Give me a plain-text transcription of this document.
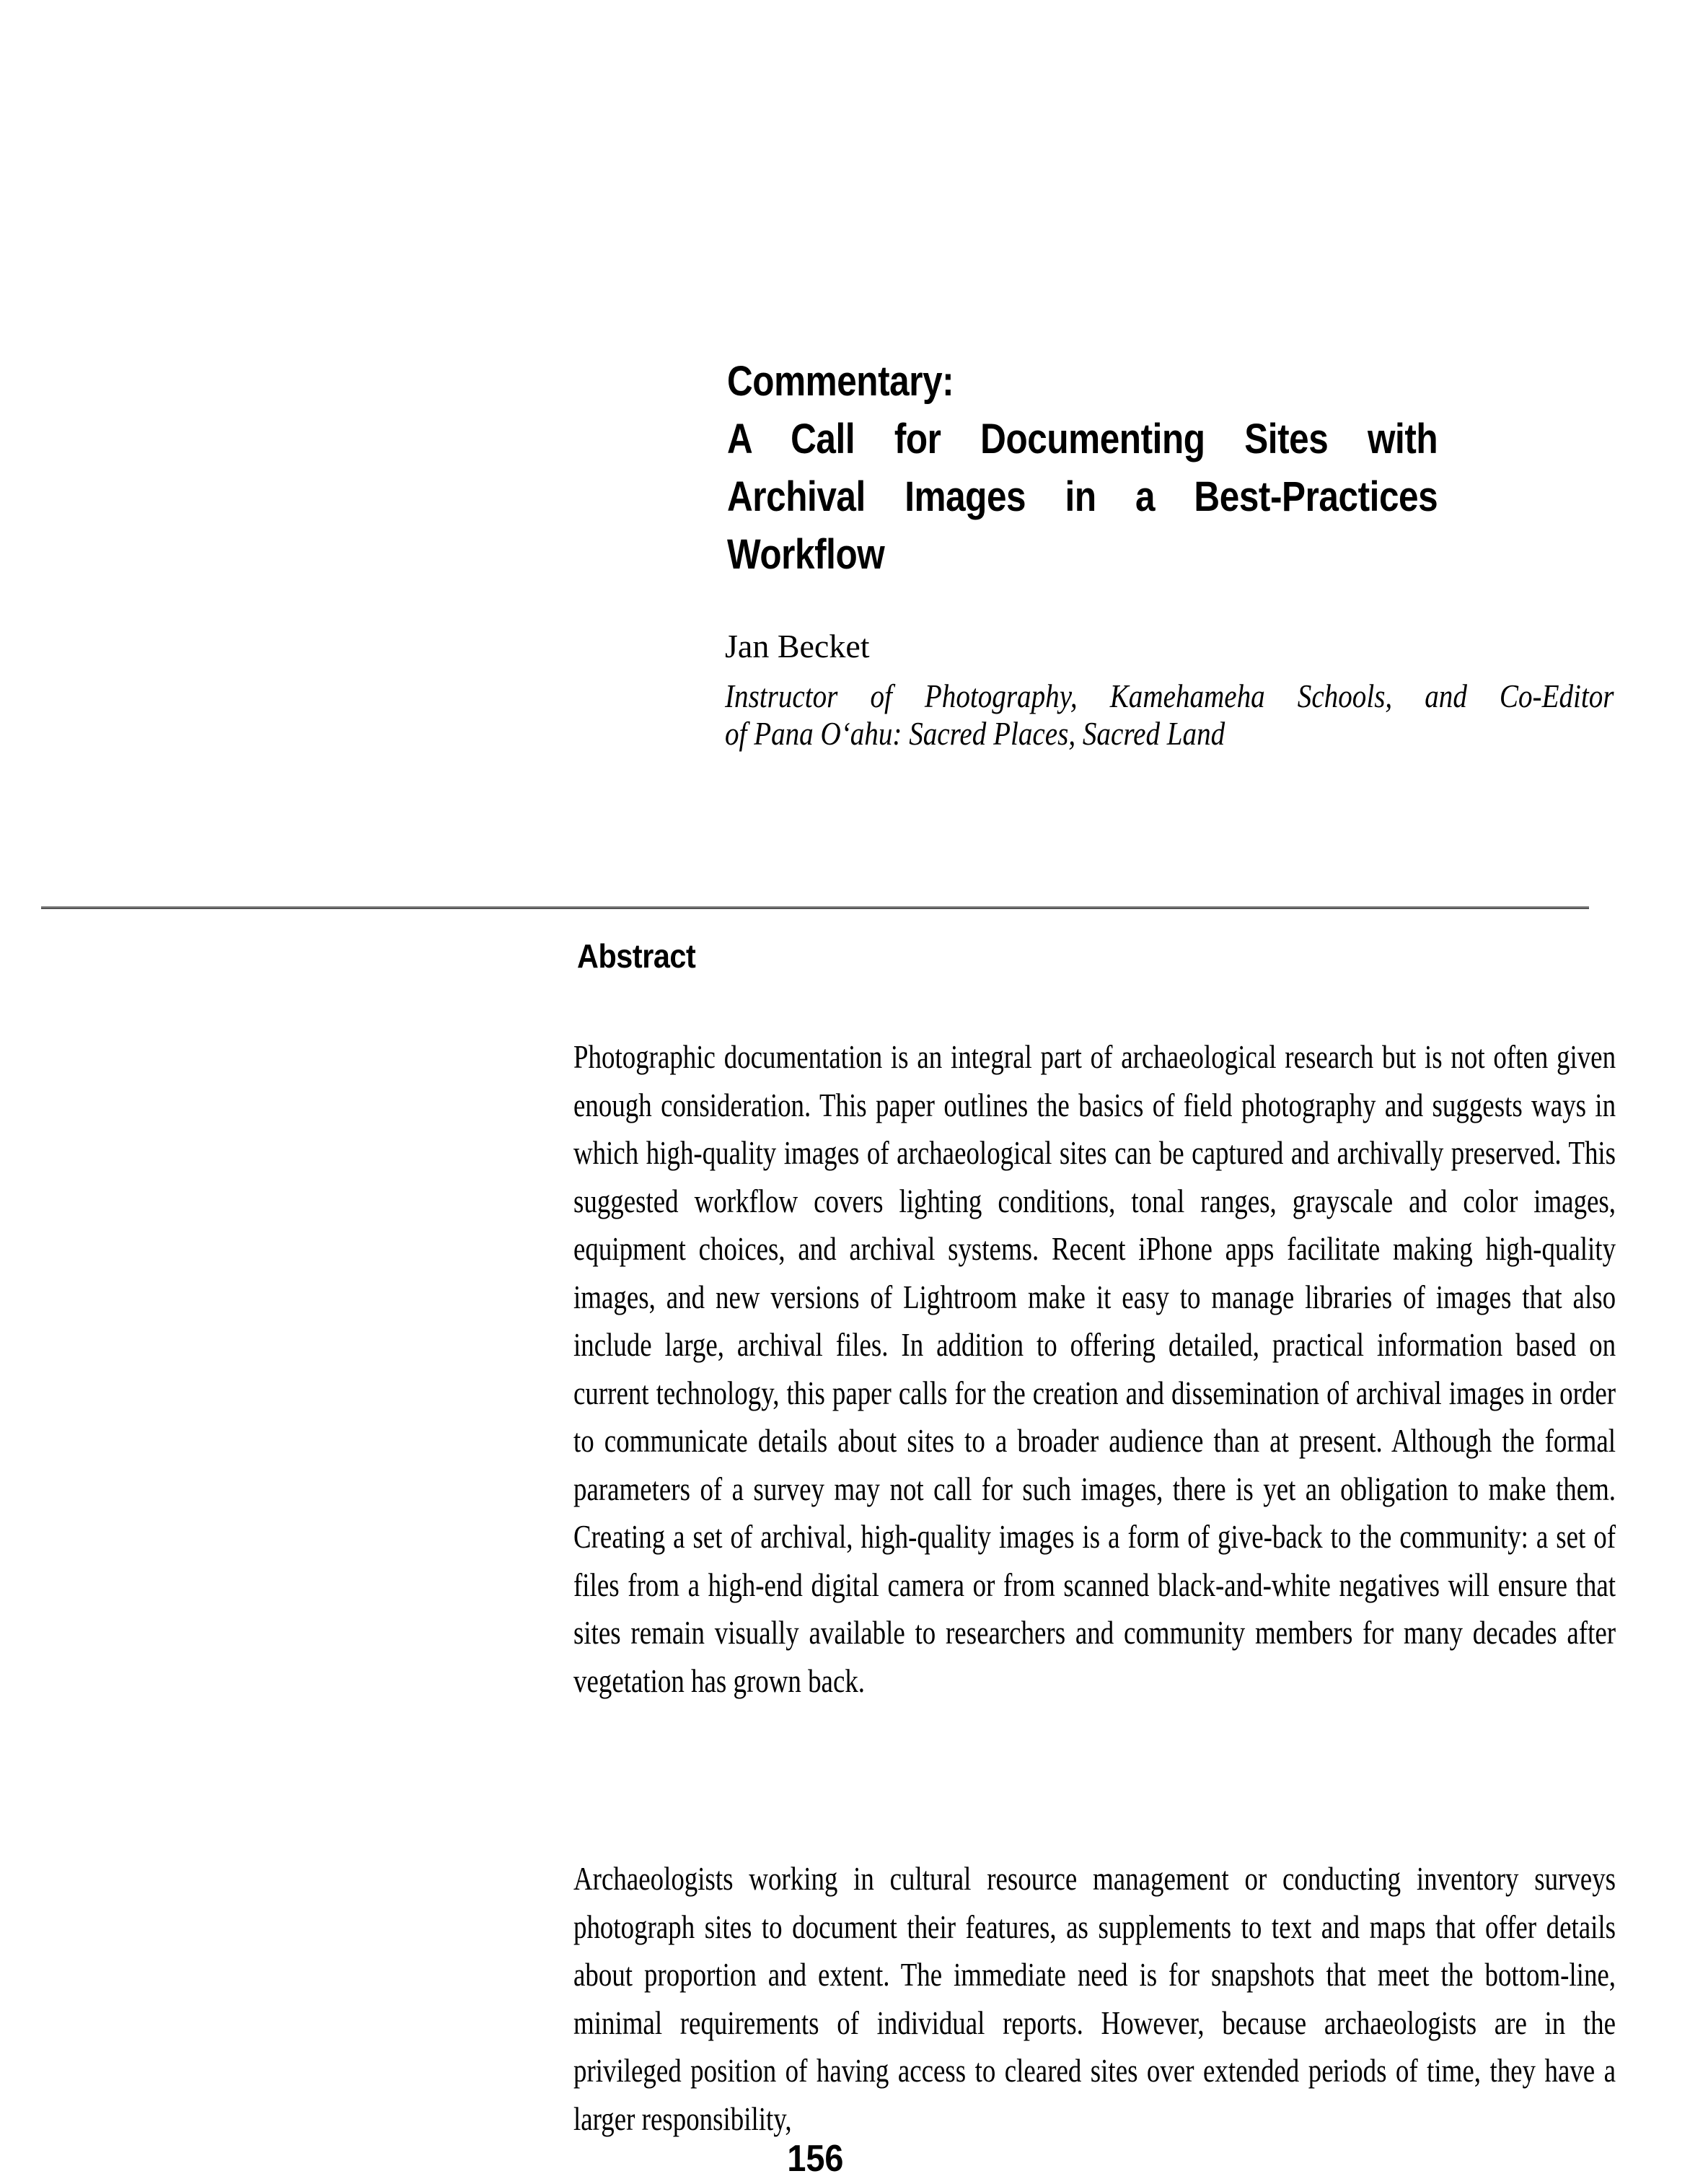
Commentary:
A Call for Documenting Sites with
Archival Images in a Best-Practices
Workflow
Jan Becket
Instructor of Photography, Kamehameha Schools, and Co-Editor
of Pana Oʻahu: Sacred Places, Sacred Land
Abstract

Photographic documentation is an integral part of archaeological research but is not often given enough consideration. This paper outlines the basics of field photography and suggests ways in which high-quality images of archaeological sites can be captured and archivally preserved. This suggested workflow covers lighting conditions, tonal ranges, grayscale and color images, equipment choices, and archival systems. Recent iPhone apps facilitate making high-quality images, and new versions of Lightroom make it easy to manage libraries of images that also include large, archival files. In addition to offering detailed, practical information based on current technology, this paper calls for the creation and dissemination of archival images in order to communicate details about sites to a broader audience than at present. Although the formal parameters of a survey may not call for such images, there is yet an obligation to make them. Creating a set of archival, high-quality images is a form of give-back to the community: a set of files from a high-end digital camera or from scanned black-and-white negatives will ensure that sites remain visually available to researchers and community members for many decades after vegetation has grown back.

Archaeologists working in cultural resource management or conducting inventory surveys photograph sites to document their features, as supplements to text and maps that offer details about proportion and extent. The immediate need is for snapshots that meet the bottom-line, minimal requirements of individual reports. However, because archaeologists are in the privileged position of having access to cleared sites over extended periods of time, they have a larger responsibility,

156
